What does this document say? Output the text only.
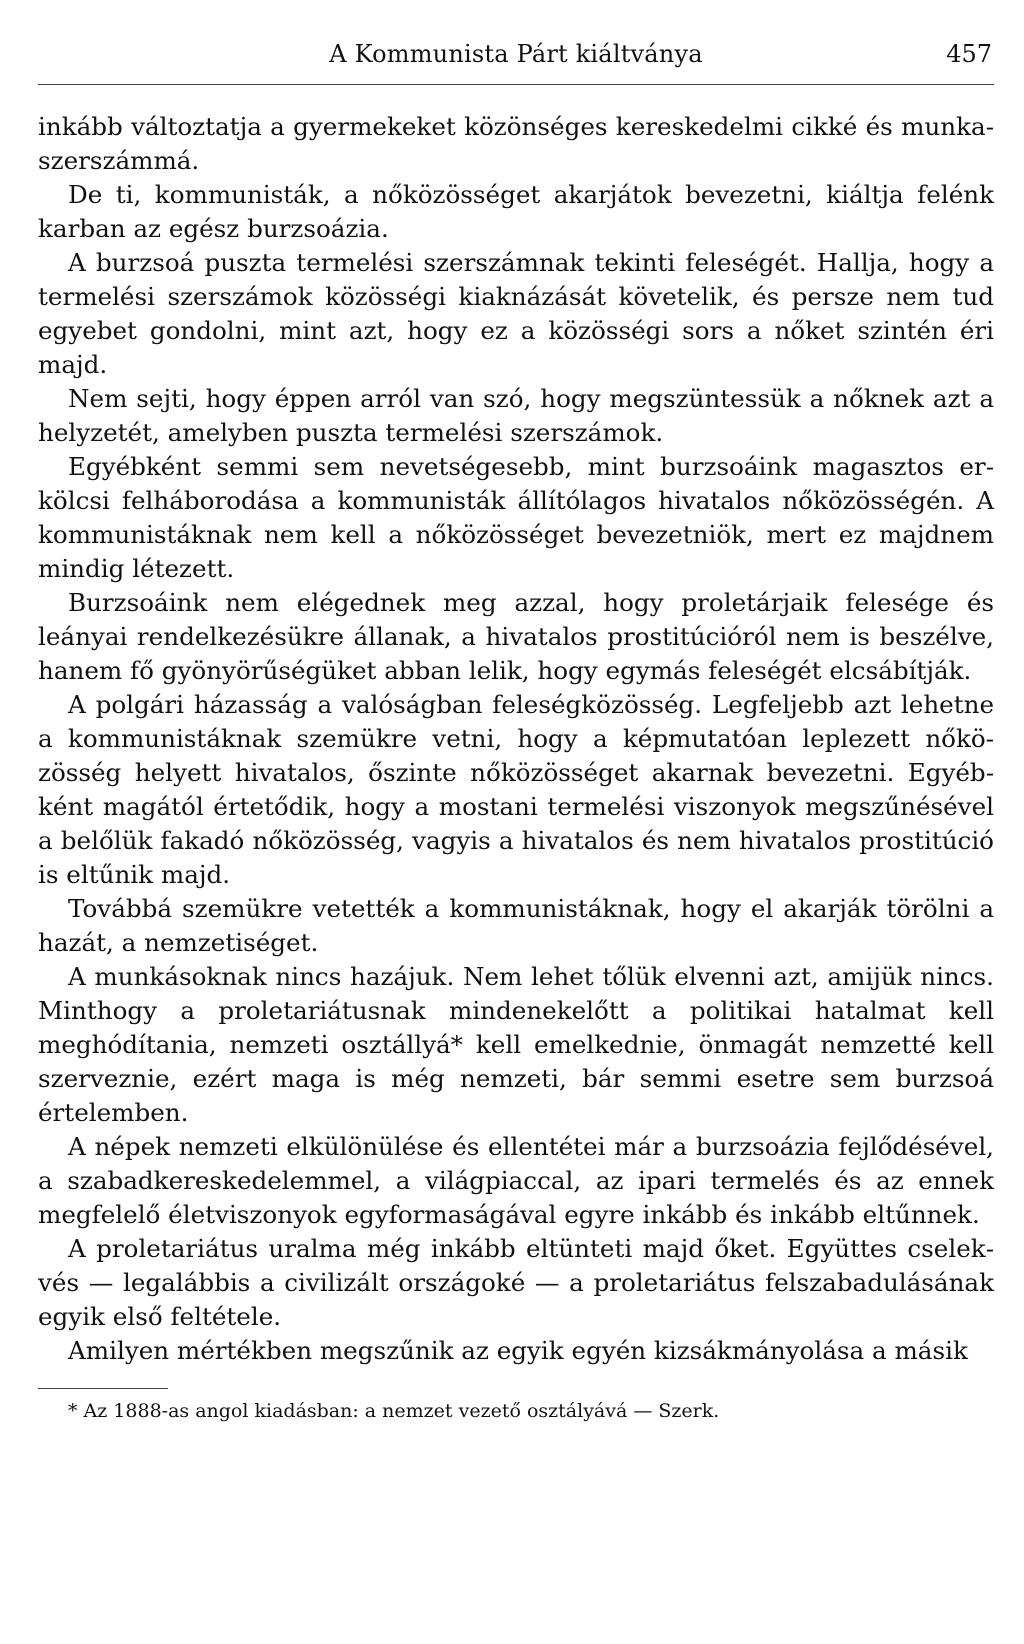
A Kommunista Párt kiáltványa	457

inkább változtatja a gyermekeket közönséges kereskedelmi cikké és munkaszerszámmá.

De ti, kommunisták, a nőközösséget akarjátok bevezetni, kiáltja felénk karban az egész burzsoázia.

A burzsoá puszta termelési szerszámnak tekinti feleségét. Hallja, hogy a termelési szerszámok közösségi kiaknázását követelik, és persze nem tud egyebet gondolni, mint azt, hogy ez a közösségi sors a nőket szintén éri majd.

Nem sejti, hogy éppen arról van szó, hogy megszüntessük a nőknek azt a helyzetét, amelyben puszta termelési szerszámok.

Egyébként semmi sem nevetségesebb, mint burzsoáink magasztos erkölcsi felháborodása a kommunisták állítólagos hivatalos nőközösségén. A kommunistáknak nem kell a nőközösséget bevezetniök, mert ez majdnem mindig létezett.

Burzsoáink nem elégednek meg azzal, hogy proletárjaik felesége és leányai rendelkezésükre állanak, a hivatalos prostitúcióról nem is beszélve, hanem fő gyönyörűségüket abban lelik, hogy egymás feleségét elcsábítják.

A polgári házasság a valóságban feleségközösség. Legfeljebb azt lehetne a kommunistáknak szemükre vetni, hogy a képmutatóan leplezett nőközösség helyett hivatalos, őszinte nőközösséget akarnak bevezetni. Egyébként magától értetődik, hogy a mostani termelési viszonyok megszűnésével a belőlük fakadó nőközösség, vagyis a hivatalos és nem hivatalos prostitúció is eltűnik majd.

Továbbá szemükre vetették a kommunistáknak, hogy el akarják törölni a hazát, a nemzetiséget.

A munkásoknak nincs hazájuk. Nem lehet tőlük elvenni azt, amijük nincs. Minthogy a proletariátusnak mindenekelőtt a politikai hatalmat kell meghódítania, nemzeti osztállyá* kell emelkednie, önmagát nemzetté kell szerveznie, ezért maga is még nemzeti, bár semmi esetre sem burzsoá értelemben.

A népek nemzeti elkülönülése és ellentétei már a burzsoázia fejlődésével, a szabadkereskedelemmel, a világpiaccal, az ipari termelés és az ennek megfelelő életviszonyok egyformaságával egyre inkább és inkább eltűnnek.

A proletariátus uralma még inkább eltünteti majd őket. Együttes cselekvés — legalábbis a civilizált országoké — a proletariátus felszabadulásának egyik első feltétele.

Amilyen mértékben megszűnik az egyik egyén kizsákmányolása a másik

* Az 1888-as angol kiadásban: a nemzet vezető osztályává — Szerk.
